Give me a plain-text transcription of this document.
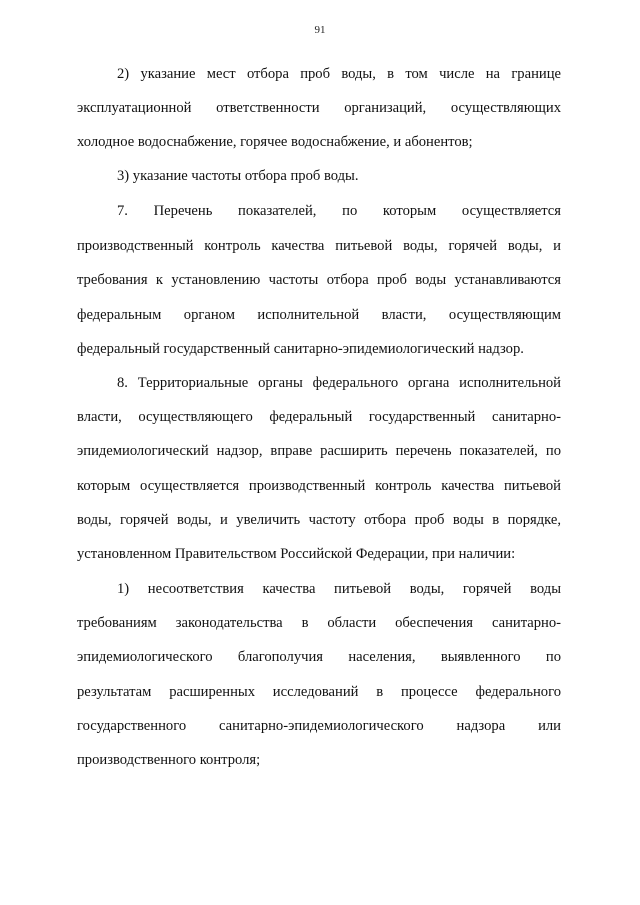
91
2) указание мест отбора проб воды, в том числе на границе
эксплуатационной ответственности организаций, осуществляющих
холодное водоснабжение, горячее водоснабжение, и абонентов;
3) указание частоты отбора проб воды.
7. Перечень показателей, по которым осуществляется
производственный контроль качества питьевой воды, горячей воды, и
требования к установлению частоты отбора проб воды устанавливаются
федеральным органом исполнительной власти, осуществляющим
федеральный государственный санитарно-эпидемиологический надзор.
8. Территориальные органы федерального органа исполнительной
власти, осуществляющего федеральный государственный санитарно-
эпидемиологический надзор, вправе расширить перечень показателей, по
которым осуществляется производственный контроль качества питьевой
воды, горячей воды, и увеличить частоту отбора проб воды в порядке,
установленном Правительством Российской Федерации, при наличии:
1) несоответствия качества питьевой воды, горячей воды
требованиям законодательства в области обеспечения санитарно-
эпидемиологического благополучия населения, выявленного по
результатам расширенных исследований в процессе федерального
государственного санитарно-эпидемиологического надзора или
производственного контроля;
